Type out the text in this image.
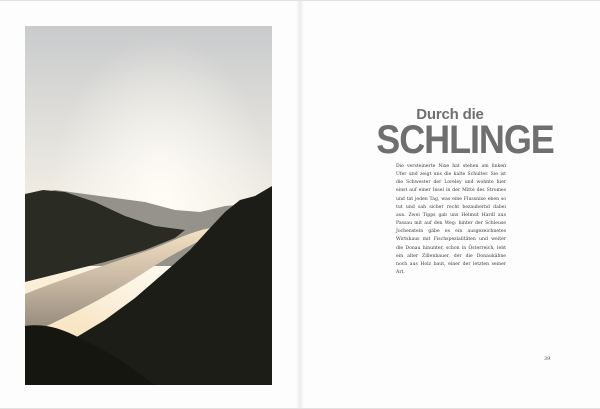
Durch die
SCHLINGE
Die versteinerte Nixe hat stehen am linken Ufer und zeigt uns die kalte Schulter. Sie ist die Schwester der Loreley und wohnte hier einst auf einer Insel in der Mitte des Stromes und tat jeden Tag, was eine Flussnixe eben so tut und sah sicher recht bezaubernd dabei aus. Zwei Tipps gab uns Helmut Hardl aus Passau mit auf den Weg: hinter der Schleuse Jochenstein gäbe es ein ausgezeichnetes Wirtshaus mit Fischspezialitäten und weiter die Donau hinunter, schon in Österreich, lebt ein alter Zillenbauer, der die Donaukähne noch aus Holz baut, einer der letzten seiner Art.
39
